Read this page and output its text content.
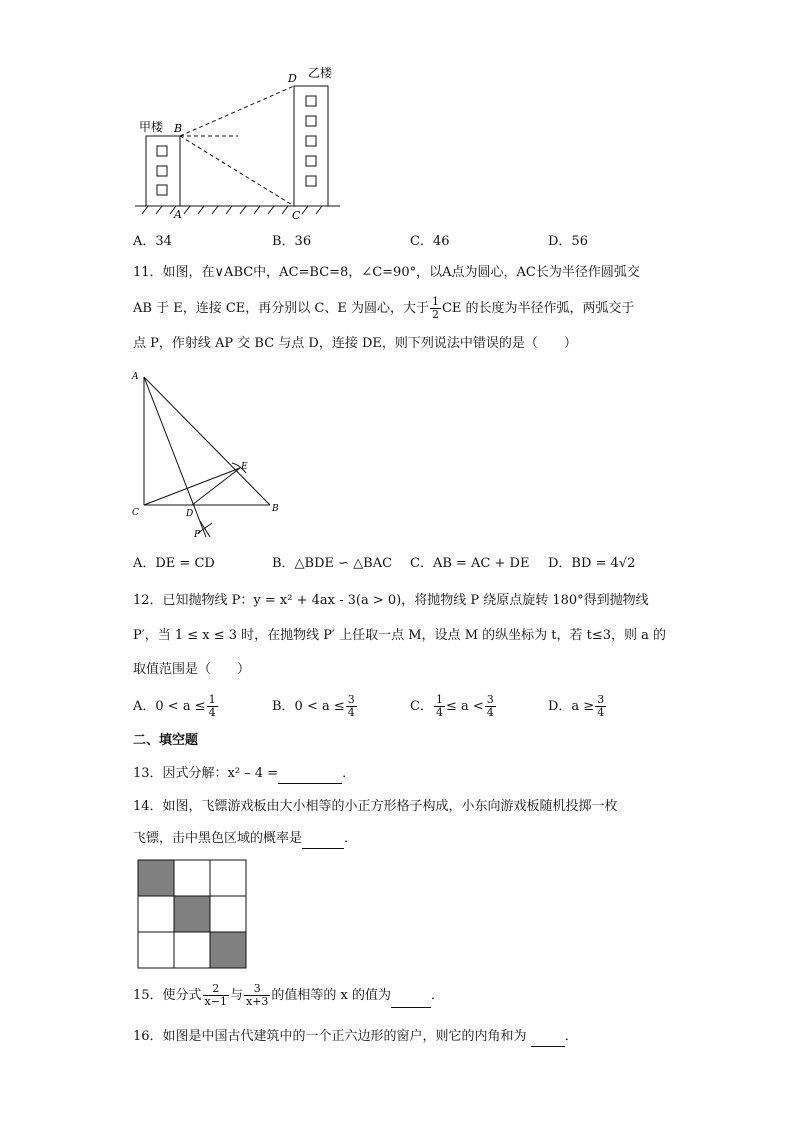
甲楼
乙楼
B
D
A	C
A．34	B．36	C．46	D．56
11．如图，在∨ABC中，AC=BC=8，∠C=90°，以A点为圆心，AC长为半径作圆弧交
AB 于 E，连接 CE，再分别以 C、E 为圆心，大于 $\frac{1}{2}$ CE 的长度为半径作弧，两弧交于
点 P，作射线 AP 交 BC 与点 D，连接 DE，则下列说法中错误的是（　　）
A
C	D	B
E
P
A．DE = CD	B．△BDE ∽ △BAC C．AB = AC + DE D．BD = 4√2
12．已知抛物线 P：y = x² + 4ax - 3(a > 0)，将抛物线 P 绕原点旋转 180°得到抛物线
P′，当 1 ≤ x ≤ 3 时，在抛物线 P′ 上任取一点 M，设点 M 的纵坐标为 t，若 t≤3，则 a 的
取值范围是（　　）
A．$0 < a \le \frac{1}{4}$	B．$0 < a \le \frac{3}{4}$	C． $\frac{1}{4} \le a < \frac{3}{4}$	D．$a \ge \frac{3}{4}$
二、填空题
13．因式分解：x² – 4 =	．
14．如图，飞镖游戏板由大小相等的小正方形格子构成，小东向游戏板随机投掷一枚
飞镖，击中黑色区域的概率是	．
15．使分式 $\frac{2}{x-1}$ 与 $\frac{3}{x+3}$ 的值相等的 x 的值为	．
16．如图是中国古代建筑中的一个正六边形的窗户，则它的内角和为	．
